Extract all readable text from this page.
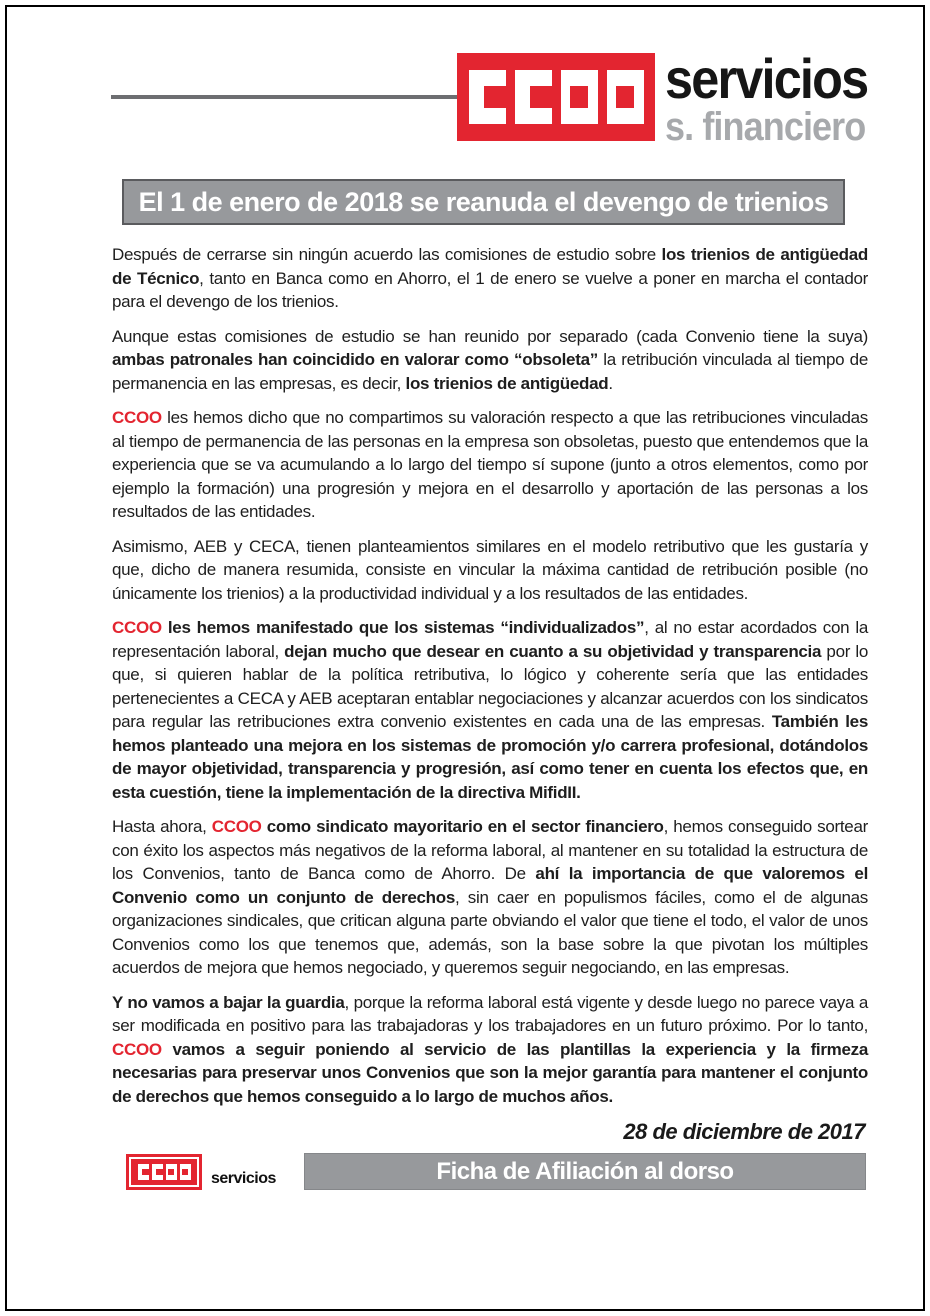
servicios
s. financiero
El 1 de enero de 2018 se reanuda el devengo de trienios

Después de cerrarse sin ningún acuerdo las comisiones de estudio sobre los trienios de antigüedad de Técnico, tanto en Banca como en Ahorro, el 1 de enero se vuelve a poner en marcha el contador para el devengo de los trienios.

Aunque estas comisiones de estudio se han reunido por separado (cada Convenio tiene la suya) ambas patronales han coincidido en valorar como “obsoleta” la retribución vinculada al tiempo de permanencia en las empresas, es decir, los trienios de antigüedad.

CCOO les hemos dicho que no compartimos su valoración respecto a que las retribuciones vinculadas al tiempo de permanencia de las personas en la empresa son obsoletas, puesto que entendemos que la experiencia que se va acumulando a lo largo del tiempo sí supone (junto a otros elementos, como por ejemplo la formación) una progresión y mejora en el desarrollo y aportación de las personas a los resultados de las entidades.

Asimismo, AEB y CECA, tienen planteamientos similares en el modelo retributivo que les gustaría y que, dicho de manera resumida, consiste en vincular la máxima cantidad de retribución posible (no únicamente los trienios) a la productividad individual y a los resultados de las entidades.

CCOO les hemos manifestado que los sistemas “individualizados”, al no estar acordados con la representación laboral, dejan mucho que desear en cuanto a su objetividad y transparencia por lo que, si quieren hablar de la política retributiva, lo lógico y coherente sería que las entidades pertenecientes a CECA y AEB aceptaran entablar negociaciones y alcanzar acuerdos con los sindicatos para regular las retribuciones extra convenio existentes en cada una de las empresas. También les hemos planteado una mejora en los sistemas de promoción y/o carrera profesional, dotándolos de mayor objetividad, transparencia y progresión, así como tener en cuenta los efectos que, en esta cuestión, tiene la implementación de la directiva MifidII.

Hasta ahora, CCOO como sindicato mayoritario en el sector financiero, hemos conseguido sortear con éxito los aspectos más negativos de la reforma laboral, al mantener en su totalidad la estructura de los Convenios, tanto de Banca como de Ahorro. De ahí la importancia de que valoremos el Convenio como un conjunto de derechos, sin caer en populismos fáciles, como el de algunas organizaciones sindicales, que critican alguna parte obviando el valor que tiene el todo, el valor de unos Convenios como los que tenemos que, además, son la base sobre la que pivotan los múltiples acuerdos de mejora que hemos negociado, y queremos seguir negociando, en las empresas.

Y no vamos a bajar la guardia, porque la reforma laboral está vigente y desde luego no parece vaya a ser modificada en positivo para las trabajadoras y los trabajadores en un futuro próximo. Por lo tanto, CCOO vamos a seguir poniendo al servicio de las plantillas la experiencia y la firmeza necesarias para preservar unos Convenios que son la mejor garantía para mantener el conjunto de derechos que hemos conseguido a lo largo de muchos años.

28 de diciembre de 2017
servicios	Ficha de Afiliación al dorso
